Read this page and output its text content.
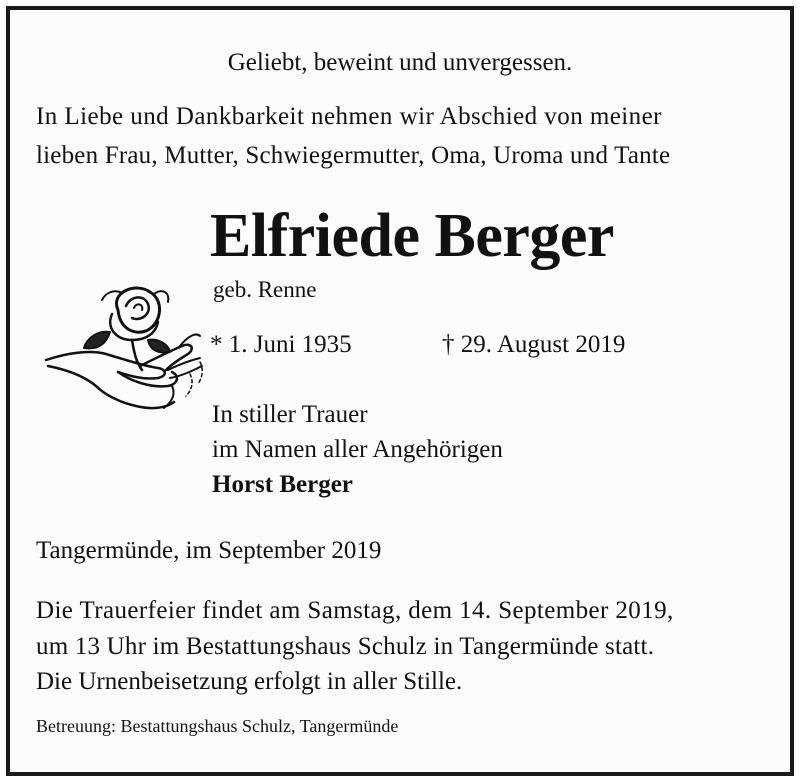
Geliebt, beweint und unvergessen.
In Liebe und Dankbarkeit nehmen wir Abschied von meiner
lieben Frau, Mutter, Schwiegermutter, Oma, Uroma und Tante
Elfriede Berger
geb. Renne
* 1. Juni 1935	† 29. August 2019
In stiller Trauer
im Namen aller Angehörigen
Horst Berger
Tangermünde, im September 2019
Die Trauerfeier findet am Samstag, dem 14. September 2019,
um 13 Uhr im Bestattungshaus Schulz in Tangermünde statt.
Die Urnenbeisetzung erfolgt in aller Stille.
Betreuung: Bestattungshaus Schulz, Tangermünde
